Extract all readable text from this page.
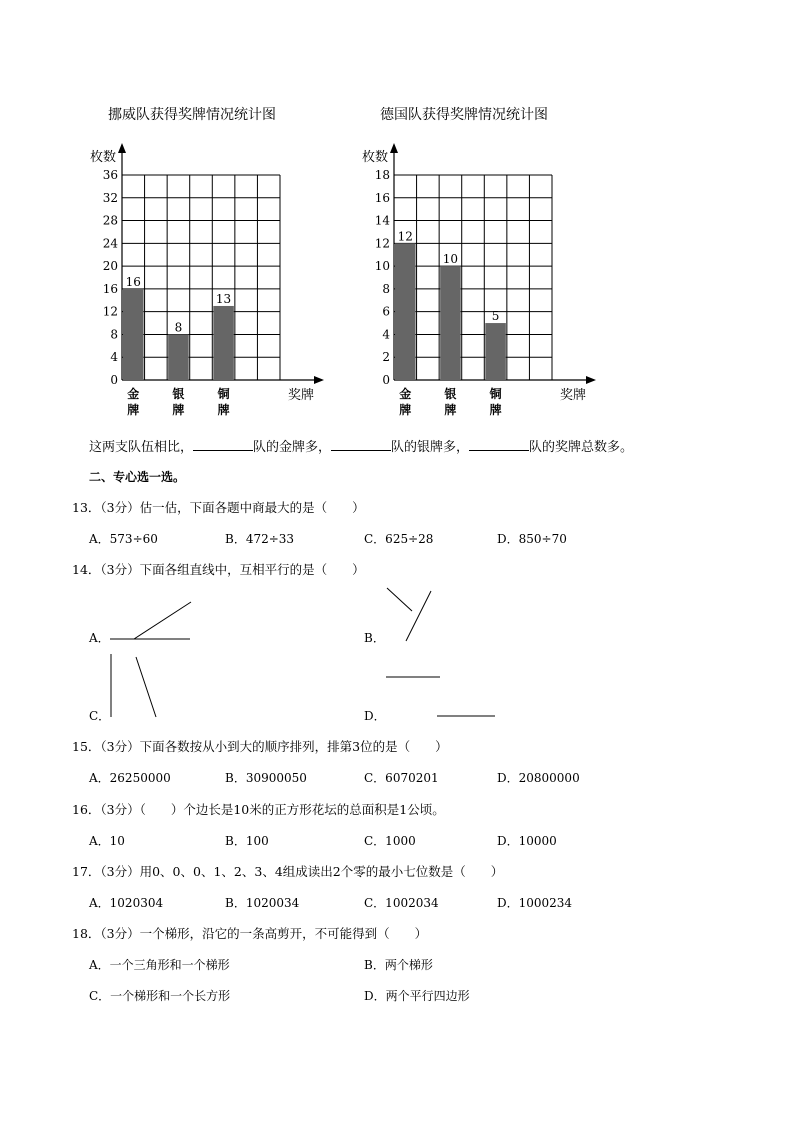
挪威队获得奖牌情况统计图
枚数
奖牌
0
4
8
12
16
20
24
28
32
36
16
金
牌
8
银
牌
13
铜
牌
德国队获得奖牌情况统计图
枚数
奖牌
0
2
4
6
8
10
12
14
16
18
12
金
牌
10
银
牌
5
铜
牌
这两支队伍相比，	队的金牌多，	队的银牌多，	队的奖牌总数多。
二、专心选一选。
13．（3分）估一估，下面各题中商最大的是（　　）
A．573÷60	B．472÷33	C．625÷28	D．850÷70
14．（3分）下面各组直线中，互相平行的是（　　）
A．	B．
C．	D．
15．（3分）下面各数按从小到大的顺序排列，排第3位的是（　　）
A．26250000	B．30900050	C．6070201	D．20800000
16．（3分）（　　）个边长是10米的正方形花坛的总面积是1公顷。
A．10	B．100	C．1000	D．10000
17．（3分）用0、0、0、1、2、3、4组成读出2个零的最小七位数是（　　）
A．1020304	B．1020034	C．1002034	D．1000234
18．（3分）一个梯形，沿它的一条高剪开，不可能得到（　　）
A．一个三角形和一个梯形	B．两个梯形
C．一个梯形和一个长方形	D．两个平行四边形
